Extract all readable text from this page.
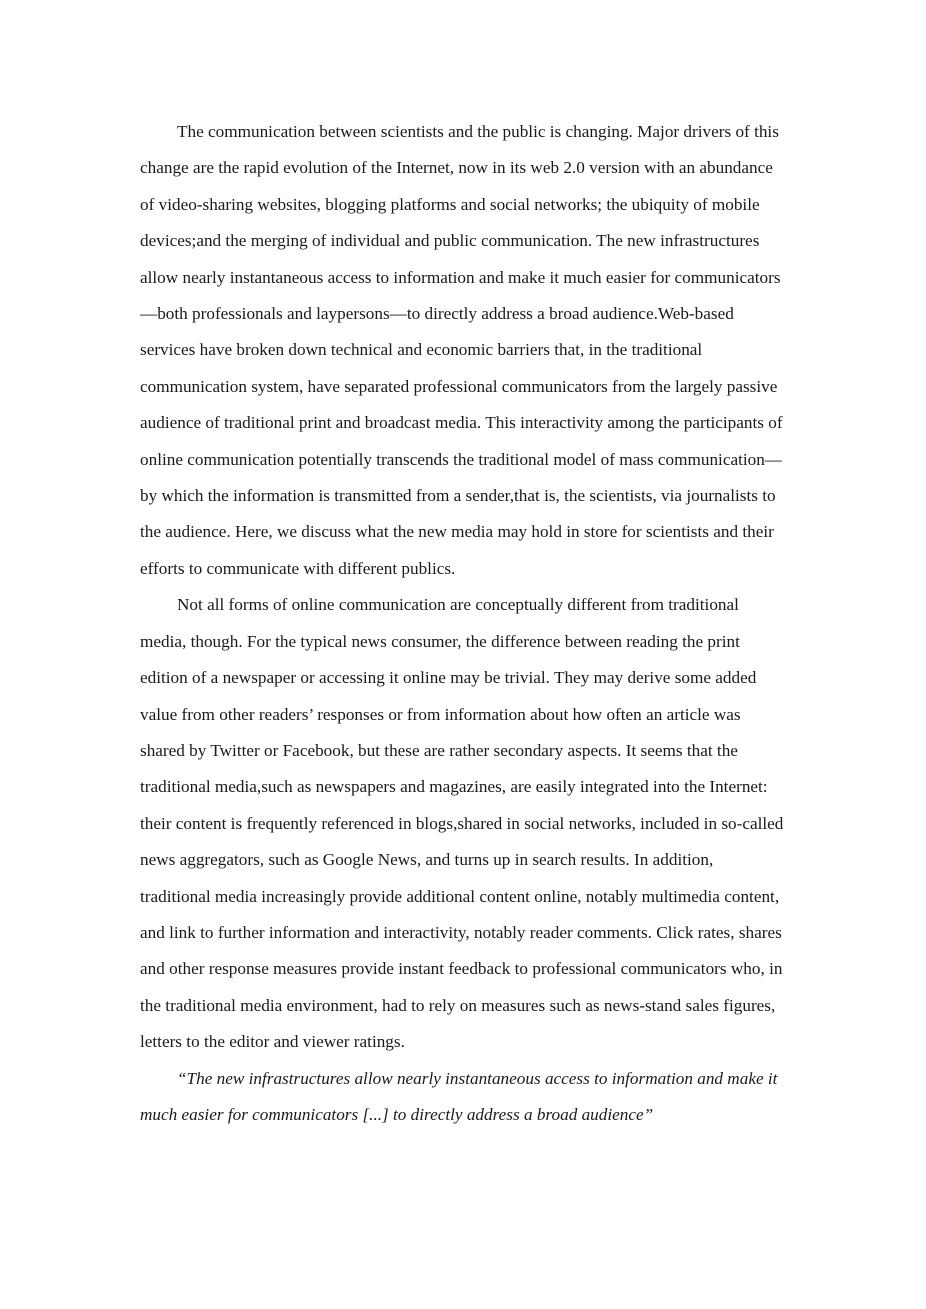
The communication between scientists and the public is changing. Major drivers of this change are the rapid evolution of the Internet, now in its web 2.0 version with an abundance of video-sharing websites, blogging platforms and social networks; the ubiquity of mobile devices;and the merging of individual and public communication. The new infrastructures allow nearly instantaneous access to information and make it much easier for communicators—both professionals and laypersons—to directly address a broad audience.Web-based services have broken down technical and economic barriers that, in the traditional communication system, have separated professional communicators from the largely passive audience of traditional print and broadcast media. This interactivity among the participants of online communication potentially transcends the traditional model of mass communication—by which the information is transmitted from a sender,that is, the scientists, via journalists to the audience. Here, we discuss what the new media may hold in store for scientists and their efforts to communicate with different publics.

Not all forms of online communication are conceptually different from traditional media, though. For the typical news consumer, the difference between reading the print edition of a newspaper or accessing it online may be trivial. They may derive some added value from other readers’ responses or from information about how often an article was shared by Twitter or Facebook, but these are rather secondary aspects. It seems that the traditional media,such as newspapers and magazines, are easily integrated into the Internet: their content is frequently referenced in blogs,shared in social networks, included in so-called news aggregators, such as Google News, and turns up in search results. In addition, traditional media increasingly provide additional content online, notably multimedia content, and link to further information and interactivity, notably reader comments. Click rates, shares and other response measures provide instant feedback to professional communicators who, in the traditional media environment, had to rely on measures such as news-stand sales figures, letters to the editor and viewer ratings.

“The new infrastructures allow nearly instantaneous access to information and make it much easier for communicators [...] to directly address a broad audience”
